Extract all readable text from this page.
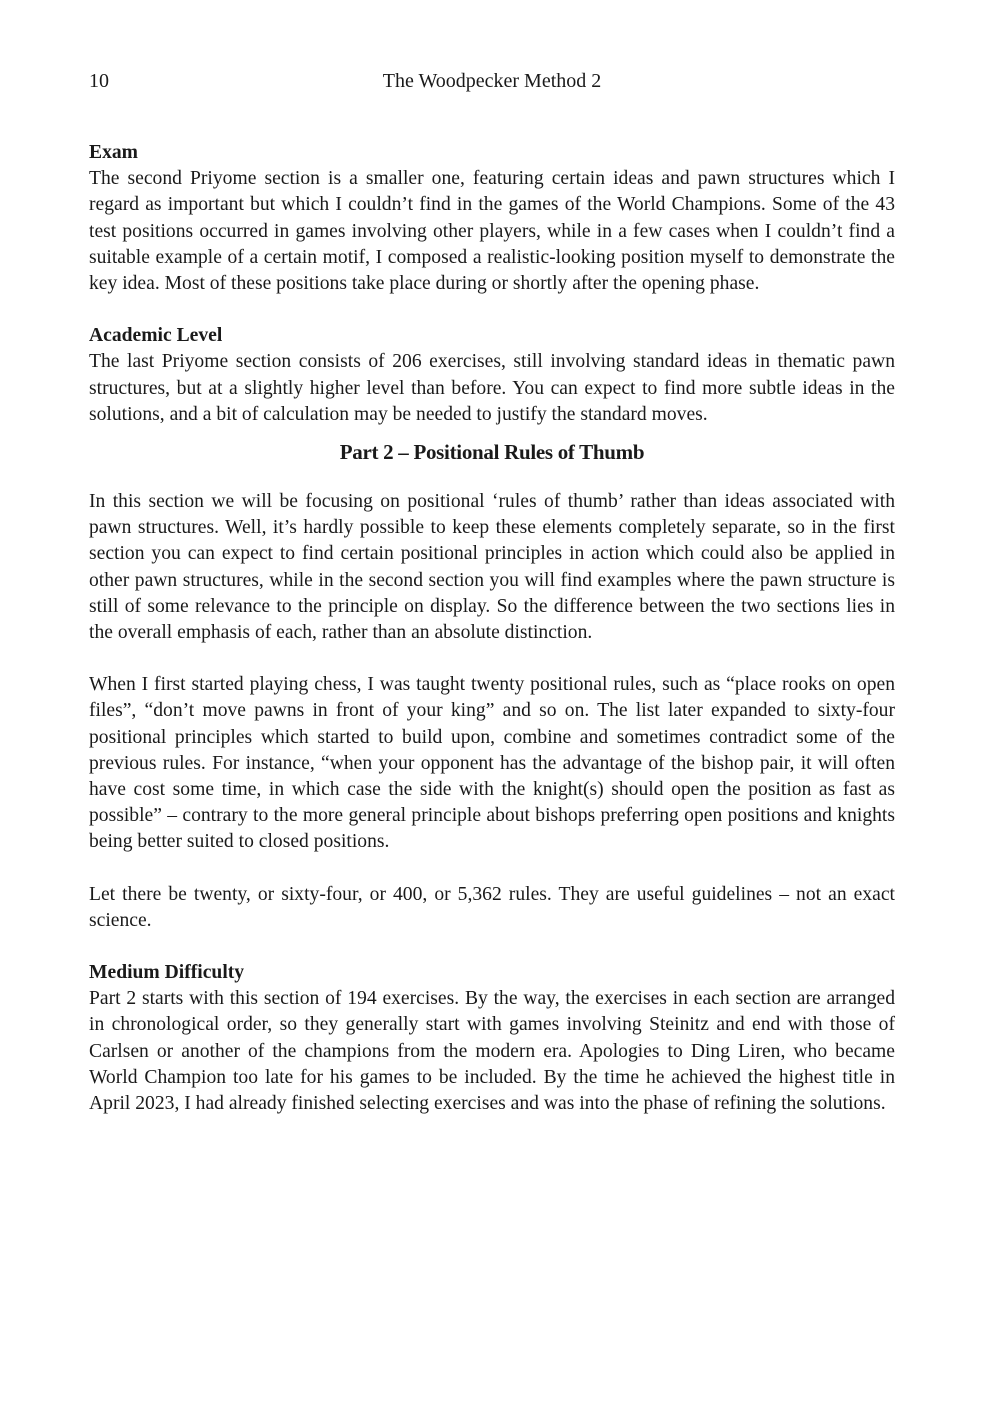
10	The Woodpecker Method 2

Exam

The second Priyome section is a smaller one, featuring certain ideas and pawn structures which I regard as important but which I couldn’t find in the games of the World Champions. Some of the 43 test positions occurred in games involving other players, while in a few cases when I couldn’t find a suitable example of a certain motif, I composed a realistic-looking position myself to demonstrate the key idea. Most of these positions take place during or shortly after the opening phase.

Academic Level

The last Priyome section consists of 206 exercises, still involving standard ideas in thematic pawn structures, but at a slightly higher level than before. You can expect to find more subtle ideas in the solutions, and a bit of calculation may be needed to justify the standard moves.

Part 2 – Positional Rules of Thumb

In this section we will be focusing on positional ‘rules of thumb’ rather than ideas associated with pawn structures. Well, it’s hardly possible to keep these elements completely separate, so in the first section you can expect to find certain positional principles in action which could also be applied in other pawn structures, while in the second section you will find examples where the pawn structure is still of some relevance to the principle on display. So the difference between the two sections lies in the overall emphasis of each, rather than an absolute distinction.

When I first started playing chess, I was taught twenty positional rules, such as “place rooks on open files”, “don’t move pawns in front of your king” and so on. The list later expanded to sixty-four positional principles which started to build upon, combine and sometimes contradict some of the previous rules. For instance, “when your opponent has the advantage of the bishop pair, it will often have cost some time, in which case the side with the knight(s) should open the position as fast as possible” – contrary to the more general principle about bishops preferring open positions and knights being better suited to closed positions.

Let there be twenty, or sixty-four, or 400, or 5,362 rules. They are useful guidelines – not an exact science.

Medium Difficulty

Part 2 starts with this section of 194 exercises. By the way, the exercises in each section are arranged in chronological order, so they generally start with games involving Steinitz and end with those of Carlsen or another of the champions from the modern era. Apologies to Ding Liren, who became World Champion too late for his games to be included. By the time he achieved the highest title in April 2023, I had already finished selecting exercises and was into the phase of refining the solutions.
